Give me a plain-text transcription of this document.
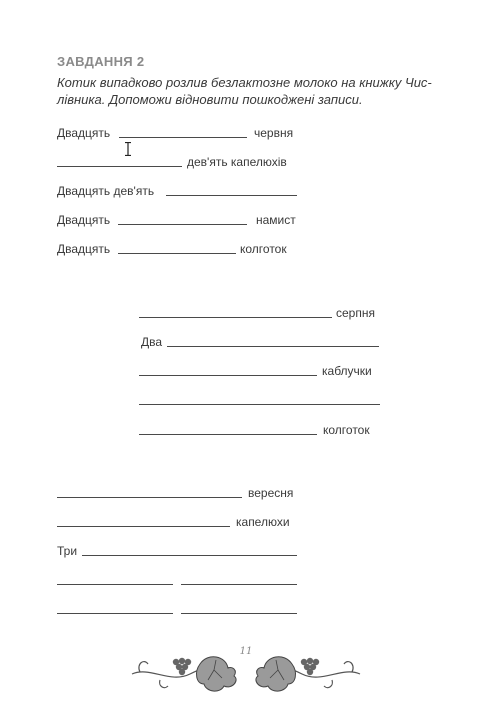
ЗАВДАННЯ 2
Котик випадково розлив безлактозне молоко на книжку Чис-лівника. Допоможи відновити пошкоджені записи.
Двадцять	червня
дев'ять капелюхів
Двадцять дев'ять
Двадцять	намист
Двадцять	колготок
серпня
Два
каблучки
колготок
вересня
капелюхи
Три
11
